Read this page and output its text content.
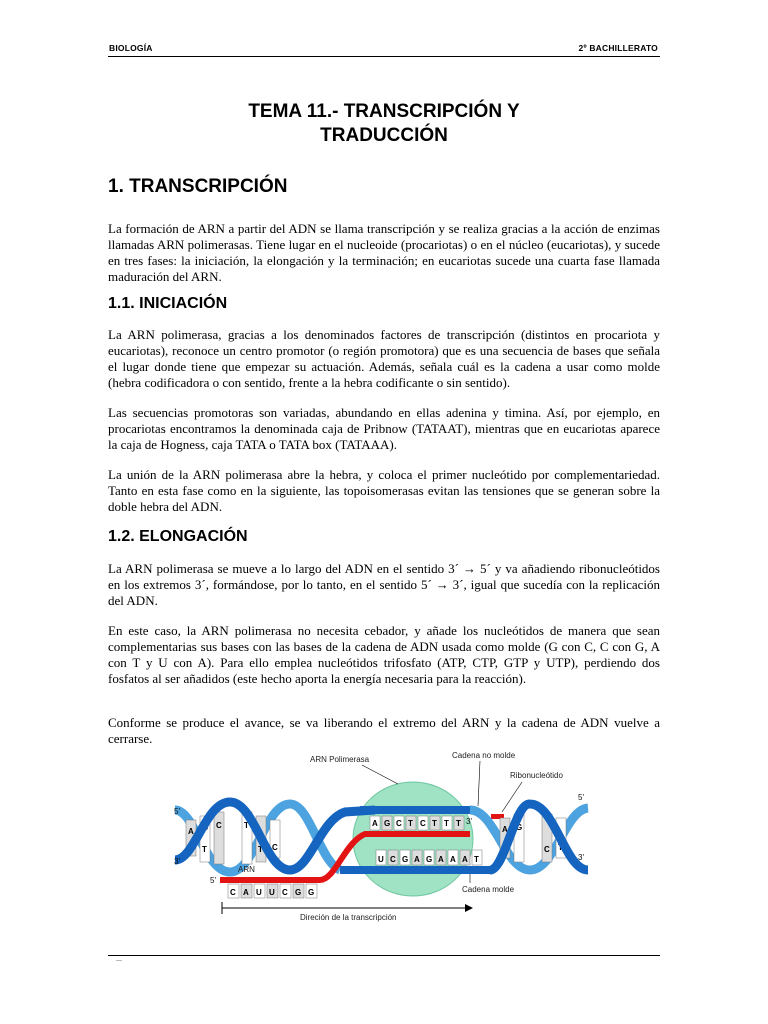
BIOLOGÍA	2º BACHILLERATO
TEMA 11.- TRANSCRIPCIÓN Y
TRADUCCIÓN
1. TRANSCRIPCIÓN

La formación de ARN a partir del ADN se llama transcripción y se realiza gracias a la acción de enzimas llamadas ARN polimerasas. Tiene lugar en el nucleoide (procariotas) o en el núcleo (eucariotas), y sucede en tres fases: la iniciación, la elongación y la terminación; en eucariotas sucede una cuarta fase llamada maduración del ARN.

1.1. INICIACIÓN

La ARN polimerasa, gracias a los denominados factores de transcripción (distintos en procariota y eucariotas), reconoce un centro promotor (o región promotora) que es una secuencia de bases que señala el lugar donde tiene que empezar su actuación. Además, señala cuál es la cadena a usar como molde (hebra codificadora o con sentido, frente a la hebra codificante o sin sentido).

Las secuencias promotoras son variadas, abundando en ellas adenina y timina. Así, por ejemplo, en procariotas encontramos la denominada caja de Pribnow (TATAAT), mientras que en eucariotas aparece la caja de Hogness, caja TATA o TATA box (TATAAA).

La unión de la ARN polimerasa abre la hebra, y coloca el primer nucleótido por complementariedad. Tanto en esta fase como en la siguiente, las topoisomerasas evitan las tensiones que se generan sobre la doble hebra del ADN.

1.2. ELONGACIÓN

La ARN polimerasa se mueve a lo largo del ADN en el sentido 3´ → 5´ y va añadiendo ribonucleótidos en los extremos 3´, formándose, por lo tanto, en el sentido 5´ → 3´, igual que sucedía con la replicación del ADN.

En este caso, la ARN polimerasa no necesita cebador, y añade los nucleótidos de manera que sean complementarias sus bases con las bases de la cadena de ADN usada como molde (G con C, C con G, A con T y U con A). Para ello emplea nucleótidos trifosfato (ATP, CTP, GTP y UTP), perdiendo dos fosfatos al ser añadidos (este hecho aporta la energía necesaria para la reacción).

Conforme se produce el avance, se va liberando el extremo del ARN y la cadena de ADN vuelve a cerrarse.

A G C	T
A T	T C
A G C T C T T T
U C G A G A A A T
C A U U C G G
A G
C T
5'
3'
5'
3'
5'
3'
ARN Polimerasa	Cadena no molde
Ribonucleótido
ARN
Cadena molde
Direción de la transcripción
